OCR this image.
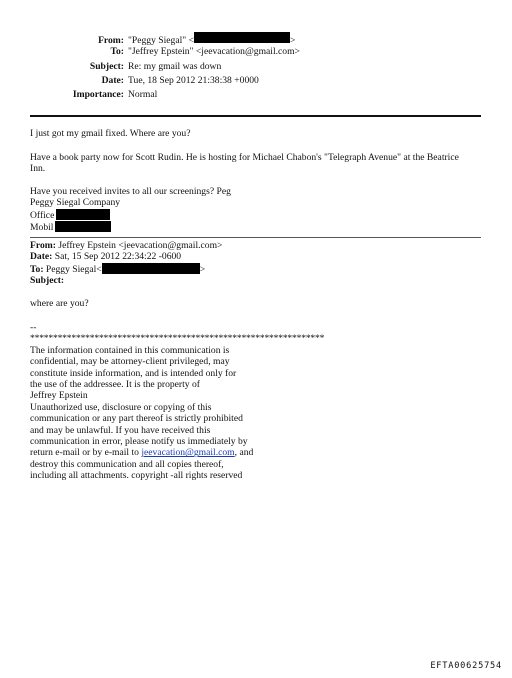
From: "Peggy Siegal" <	>
To: "Jeffrey Epstein" <jeevacation@gmail.com>
Subject: Re: my gmail was down
Date: Tue, 18 Sep 2012 21:38:38 +0000
Importance: Normal

I just got my gmail fixed. Where are you?

Have a book party now for Scott Rudin. He is hosting for Michael Chabon's "Telegraph Avenue" at the Beatrice
Inn.
Have you received invites to all our screenings? Peg
Peggy Siegal Company
Office
Mobil
From: Jeffrey Epstein <jeevacation@gmail.com>
Date: Sat, 15 Sep 2012 22:34:22 -0600
To: Peggy Siegal<	>
Subject:

where are you?

--
****************************************************************
The information contained in this communication is
confidential, may be attorney-client privileged, may
constitute inside information, and is intended only for
the use of the addressee. It is the property of
Jeffrey Epstein
Unauthorized use, disclosure or copying of this
communication or any part thereof is strictly prohibited
and may be unlawful. If you have received this
communication in error, please notify us immediately by
return e-mail or by e-mail to jeevacation@gmail.com, and
destroy this communication and all copies thereof,
including all attachments. copyright -all rights reserved
EFTA00625754
